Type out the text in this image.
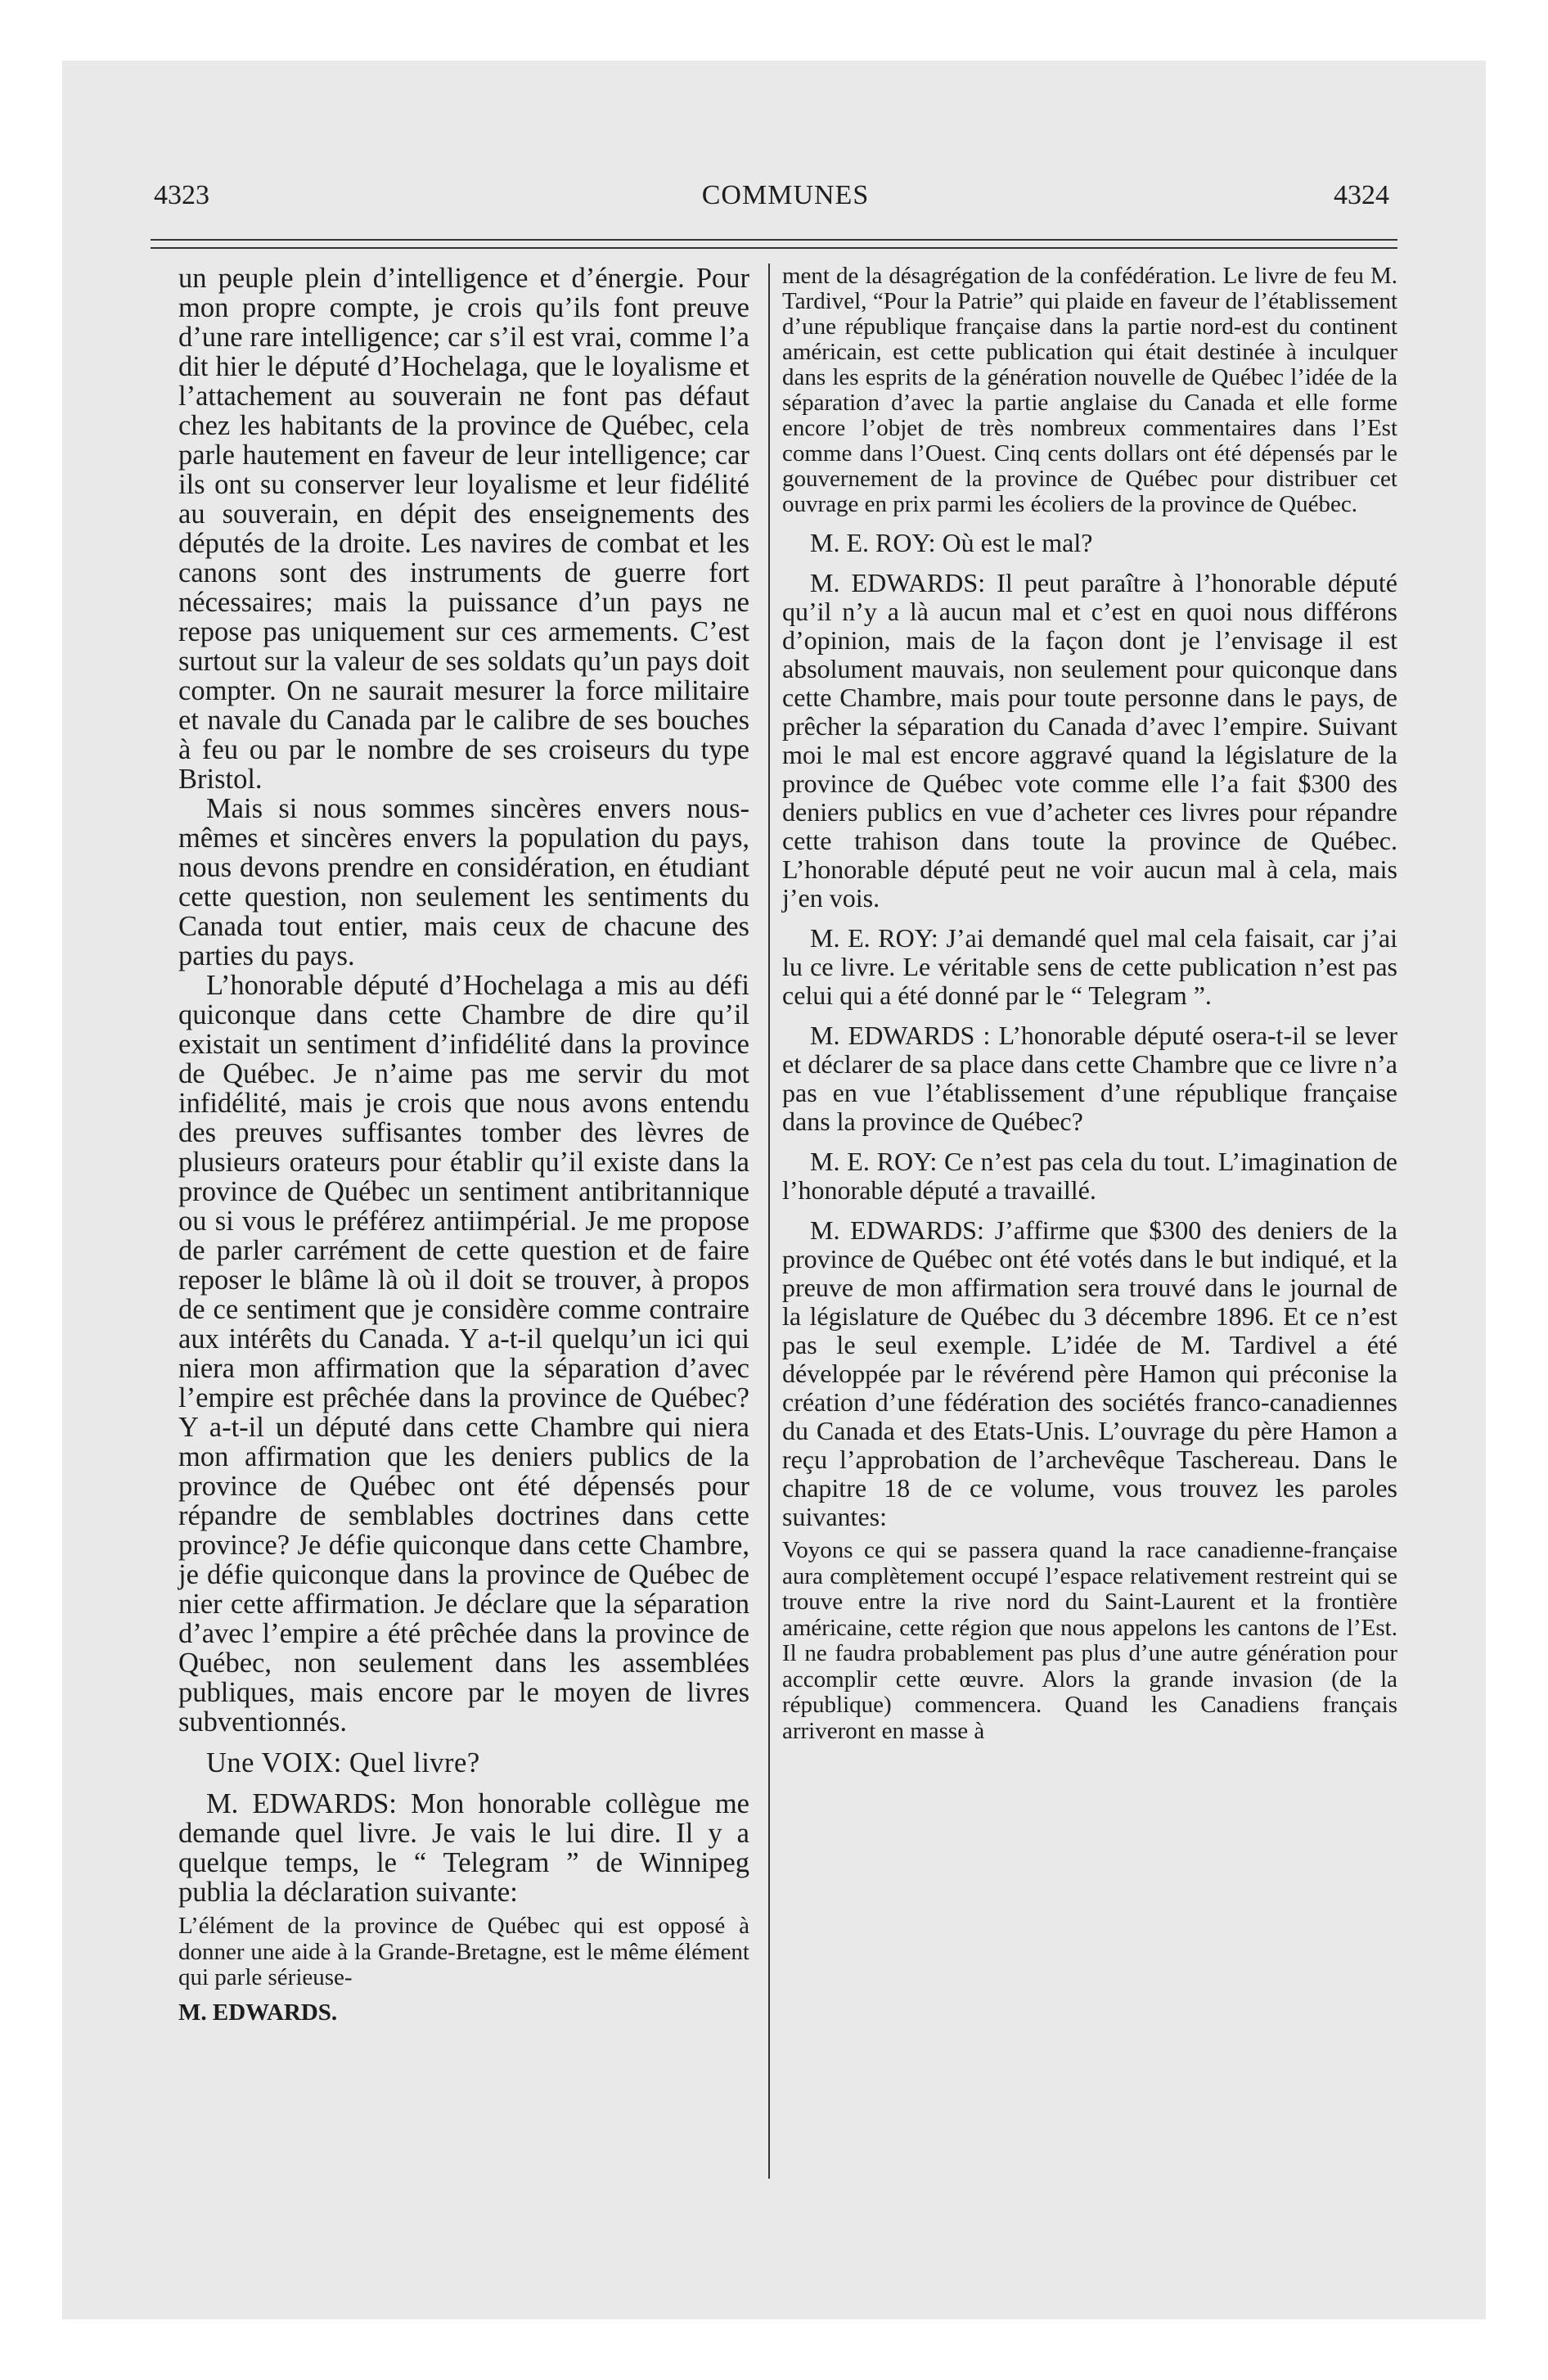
4323	COMMUNES	4324

un peuple plein d’intelligence et d’énergie. Pour mon propre compte, je crois qu’ils font preuve d’une rare intelligence; car s’il est vrai, comme l’a dit hier le député d’Hochelaga, que le loyalisme et l’attachement au souverain ne font pas défaut chez les habitants de la province de Québec, cela parle hautement en faveur de leur intelligence; car ils ont su conserver leur loyalisme et leur fidélité au souverain, en dépit des enseignements des députés de la droite. Les navires de combat et les canons sont des instruments de guerre fort nécessaires; mais la puissance d’un pays ne repose pas uniquement sur ces armements. C’est surtout sur la valeur de ses soldats qu’un pays doit compter. On ne saurait mesurer la force militaire et navale du Canada par le calibre de ses bouches à feu ou par le nombre de ses croiseurs du type Bristol.

Mais si nous sommes sincères envers nous-mêmes et sincères envers la population du pays, nous devons prendre en considération, en étudiant cette question, non seulement les sentiments du Canada tout entier, mais ceux de chacune des parties du pays.

L’honorable député d’Hochelaga a mis au défi quiconque dans cette Chambre de dire qu’il existait un sentiment d’infidélité dans la province de Québec. Je n’aime pas me servir du mot infidélité, mais je crois que nous avons entendu des preuves suffisantes tomber des lèvres de plusieurs orateurs pour établir qu’il existe dans la province de Québec un sentiment antibritannique ou si vous le préférez antiimpérial. Je me propose de parler carrément de cette question et de faire reposer le blâme là où il doit se trouver, à propos de ce sentiment que je considère comme contraire aux intérêts du Canada. Y a-t-il quelqu’un ici qui niera mon affirmation que la séparation d’avec l’empire est prêchée dans la province de Québec? Y a-t-il un député dans cette Chambre qui niera mon affirmation que les deniers publics de la province de Québec ont été dépensés pour répandre de semblables doctrines dans cette province? Je défie quiconque dans cette Chambre, je défie quiconque dans la province de Québec de nier cette affirmation. Je déclare que la séparation d’avec l’empire a été prêchée dans la province de Québec, non seulement dans les assemblées publiques, mais encore par le moyen de livres subventionnés.

Une VOIX: Quel livre?

M. EDWARDS: Mon honorable collègue me demande quel livre. Je vais le lui dire. Il y a quelque temps, le “ Telegram ” de Winnipeg publia la déclaration suivante:

L’élément de la province de Québec qui est opposé à donner une aide à la Grande-Bretagne, est le même élément qui parle sérieuse-

M. EDWARDS.

ment de la désagrégation de la confédération. Le livre de feu M. Tardivel, “Pour la Patrie” qui plaide en faveur de l’établissement d’une république française dans la partie nord-est du continent américain, est cette publication qui était destinée à inculquer dans les esprits de la génération nouvelle de Québec l’idée de la séparation d’avec la partie anglaise du Canada et elle forme encore l’objet de très nombreux commentaires dans l’Est comme dans l’Ouest. Cinq cents dollars ont été dépensés par le gouvernement de la province de Québec pour distribuer cet ouvrage en prix parmi les écoliers de la province de Québec.

M. E. ROY: Où est le mal?

M. EDWARDS: Il peut paraître à l’honorable député qu’il n’y a là aucun mal et c’est en quoi nous différons d’opinion, mais de la façon dont je l’envisage il est absolument mauvais, non seulement pour quiconque dans cette Chambre, mais pour toute personne dans le pays, de prêcher la séparation du Canada d’avec l’empire. Suivant moi le mal est encore aggravé quand la législature de la province de Québec vote comme elle l’a fait $300 des deniers publics en vue d’acheter ces livres pour répandre cette trahison dans toute la province de Québec. L’honorable député peut ne voir aucun mal à cela, mais j’en vois.

M. E. ROY: J’ai demandé quel mal cela faisait, car j’ai lu ce livre. Le véritable sens de cette publication n’est pas celui qui a été donné par le “ Telegram ”.

M. EDWARDS : L’honorable député osera-t-il se lever et déclarer de sa place dans cette Chambre que ce livre n’a pas en vue l’établissement d’une république française dans la province de Québec?

M. E. ROY: Ce n’est pas cela du tout. L’imagination de l’honorable député a travaillé.

M. EDWARDS: J’affirme que $300 des deniers de la province de Québec ont été votés dans le but indiqué, et la preuve de mon affirmation sera trouvé dans le journal de la législature de Québec du 3 décembre 1896. Et ce n’est pas le seul exemple. L’idée de M. Tardivel a été développée par le révérend père Hamon qui préconise la création d’une fédération des sociétés franco-canadiennes du Canada et des Etats-Unis. L’ouvrage du père Hamon a reçu l’approbation de l’archevêque Taschereau. Dans le chapitre 18 de ce volume, vous trouvez les paroles suivantes:

Voyons ce qui se passera quand la race canadienne-française aura complètement occupé l’espace relativement restreint qui se trouve entre la rive nord du Saint-Laurent et la frontière américaine, cette région que nous appelons les cantons de l’Est. Il ne faudra probablement pas plus d’une autre génération pour accomplir cette œuvre. Alors la grande invasion (de la république) commencera. Quand les Canadiens français arriveront en masse à
